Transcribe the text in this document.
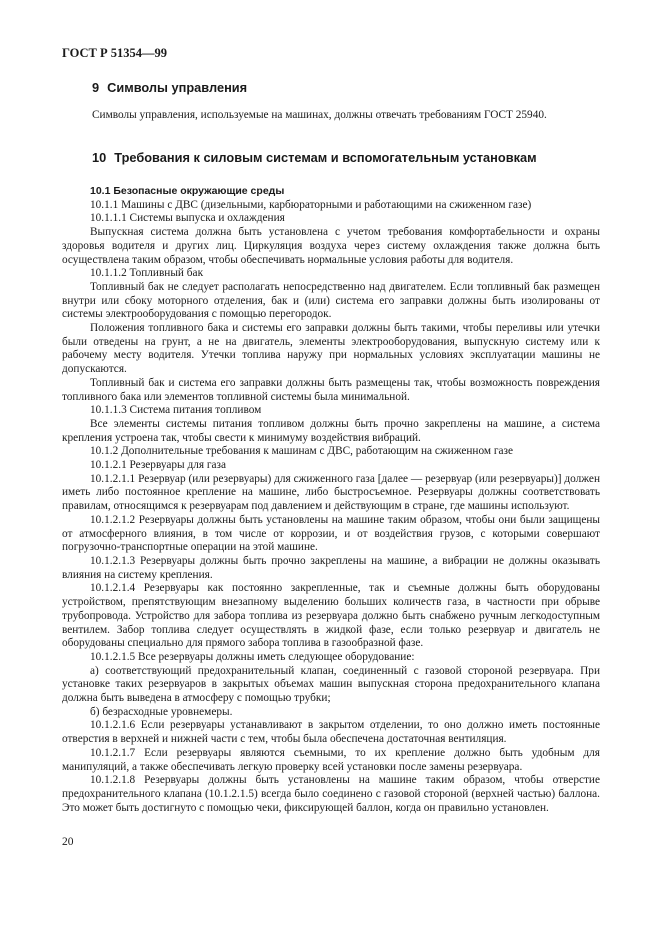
ГОСТ Р 51354—99
9 Символы управления
Символы управления, используемые на машинах, должны отвечать требованиям ГОСТ 25940.
10 Требования к силовым системам и вспомогательным установкам

10.1 Безопасные окружающие среды

10.1.1 Машины с ДВС (дизельными, карбюраторными и работающими на сжиженном газе)

10.1.1.1 Системы выпуска и охлаждения

Выпускная система должна быть установлена с учетом требования комфортабельности и охраны здоровья водителя и других лиц. Циркуляция воздуха через систему охлаждения также должна быть осуществлена таким образом, чтобы обеспечивать нормальные условия работы для водителя.

10.1.1.2 Топливный бак

Топливный бак не следует располагать непосредственно над двигателем. Если топливный бак размещен внутри или сбоку моторного отделения, бак и (или) система его заправки должны быть изолированы от системы электрооборудования с помощью перегородок.

Положения топливного бака и системы его заправки должны быть такими, чтобы переливы или утечки были отведены на грунт, а не на двигатель, элементы электрооборудования, выпускную систему или к рабочему месту водителя. Утечки топлива наружу при нормальных условиях эксплуатации машины не допускаются.

Топливный бак и система его заправки должны быть размещены так, чтобы возможность повреждения топливного бака или элементов топливной системы была минимальной.

10.1.1.3 Система питания топливом

Все элементы системы питания топливом должны быть прочно закреплены на машине, а система крепления устроена так, чтобы свести к минимуму воздействия вибраций.

10.1.2 Дополнительные требования к машинам с ДВС, работающим на сжиженном газе

10.1.2.1 Резервуары для газа

10.1.2.1.1 Резервуар (или резервуары) для сжиженного газа [далее — резервуар (или резервуары)] должен иметь либо постоянное крепление на машине, либо быстросъемное. Резервуары должны соответствовать правилам, относящимся к резервуарам под давлением и действующим в стране, где машины используют.

10.1.2.1.2 Резервуары должны быть установлены на машине таким образом, чтобы они были защищены от атмосферного влияния, в том числе от коррозии, и от воздействия грузов, с которыми совершают погрузочно-транспортные операции на этой машине.

10.1.2.1.3 Резервуары должны быть прочно закреплены на машине, а вибрации не должны оказывать влияния на систему крепления.

10.1.2.1.4 Резервуары как постоянно закрепленные, так и съемные должны быть оборудованы устройством, препятствующим внезапному выделению больших количеств газа, в частности при обрыве трубопровода. Устройство для забора топлива из резервуара должно быть снабжено ручным легкодоступным вентилем. Забор топлива следует осуществлять в жидкой фазе, если только резервуар и двигатель не оборудованы специально для прямого забора топлива в газообразной фазе.

10.1.2.1.5 Все резервуары должны иметь следующее оборудование:

а) соответствующий предохранительный клапан, соединенный с газовой стороной резервуара. При установке таких резервуаров в закрытых объемах машин выпускная сторона предохранительного клапана должна быть выведена в атмосферу с помощью трубки;

б) безрасходные уровнемеры.

10.1.2.1.6 Если резервуары устанавливают в закрытом отделении, то оно должно иметь постоянные отверстия в верхней и нижней части с тем, чтобы была обеспечена достаточная вентиляция.

10.1.2.1.7 Если резервуары являются съемными, то их крепление должно быть удобным для манипуляций, а также обеспечивать легкую проверку всей установки после замены резервуара.

10.1.2.1.8 Резервуары должны быть установлены на машине таким образом, чтобы отверстие предохранительного клапана (10.1.2.1.5) всегда было соединено с газовой стороной (верхней частью) баллона. Это может быть достигнуто с помощью чеки, фиксирующей баллон, когда он правильно установлен.

20
